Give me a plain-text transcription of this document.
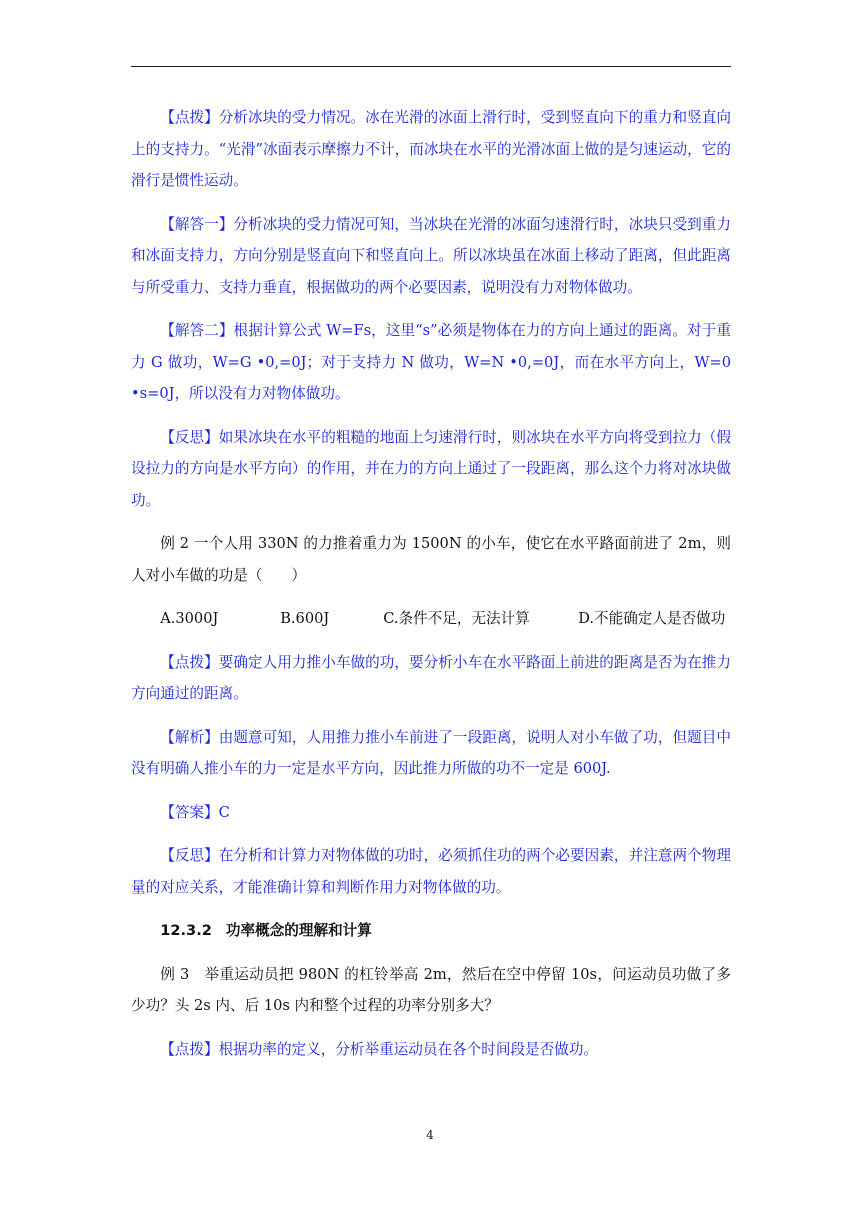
【点拨】分析冰块的受力情况。冰在光滑的冰面上滑行时，受到竖直向下的重力和竖直向上的支持力。“光滑”冰面表示摩擦力不计，而冰块在水平的光滑冰面上做的是匀速运动，它的滑行是惯性运动。

【解答一】分析冰块的受力情况可知，当冰块在光滑的冰面匀速滑行时，冰块只受到重力和冰面支持力，方向分别是竖直向下和竖直向上。所以冰块虽在冰面上移动了距离，但此距离与所受重力、支持力垂直，根据做功的两个必要因素，说明没有力对物体做功。

【解答二】根据计算公式 W=Fs，这里“s”必须是物体在力的方向上通过的距离。对于重力 G 做功，W=G •0,=0J；对于支持力 N 做功，W=N •0,=0J，而在水平方向上，W=0 •s=0J，所以没有力对物体做功。

【反思】如果冰块在水平的粗糙的地面上匀速滑行时，则冰块在水平方向将受到拉力（假设拉力的方向是水平方向）的作用，并在力的方向上通过了一段距离，那么这个力将对冰块做功。

例 2 一个人用 330N 的力推着重力为 1500N 的小车，使它在水平路面前进了 2m，则人对小车做的功是（　　）

A.3000J	B.600J	C.条件不足，无法计算	D.不能确定人是否做功

【点拨】要确定人用力推小车做的功，要分析小车在水平路面上前进的距离是否为在推力方向通过的距离。

【解析】由题意可知，人用推力推小车前进了一段距离，说明人对小车做了功，但题目中没有明确人推小车的力一定是水平方向，因此推力所做的功不一定是 600J.

【答案】C

【反思】在分析和计算力对物体做的功时，必须抓住功的两个必要因素，并注意两个物理量的对应关系，才能准确计算和判断作用力对物体做的功。

12.3.2 功率概念的理解和计算

例 3　举重运动员把 980N 的杠铃举高 2m，然后在空中停留 10s，问运动员功做了多少功？头 2s 内、后 10s 内和整个过程的功率分别多大？

【点拨】根据功率的定义，分析举重运动员在各个时间段是否做功。

4
